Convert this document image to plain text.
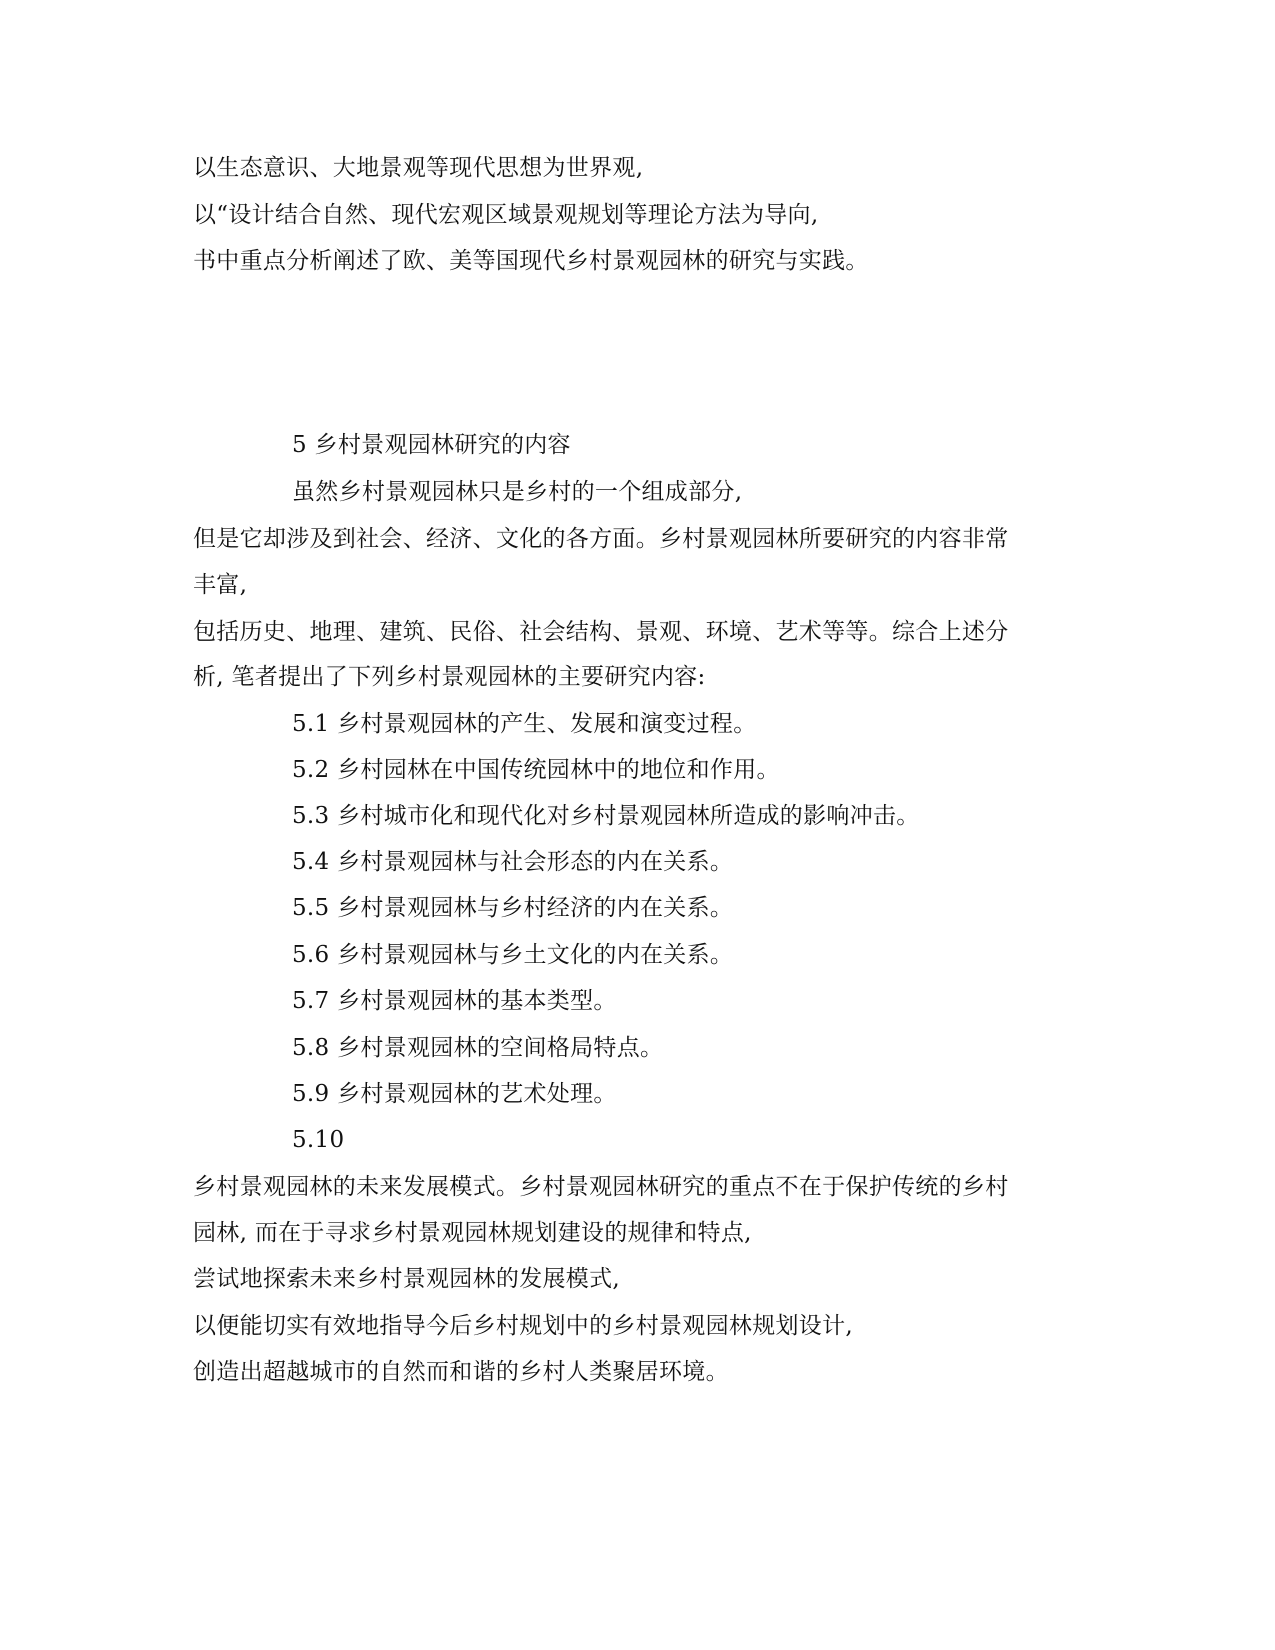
以生态意识、大地景观等现代思想为世界观,
以“设计结合自然、现代宏观区域景观规划等理论方法为导向,
书中重点分析阐述了欧、美等国现代乡村景观园林的研究与实践。
5 乡村景观园林研究的内容
虽然乡村景观园林只是乡村的一个组成部分,
但是它却涉及到社会、经济、文化的各方面。乡村景观园林所要研究的内容非常
丰富,
包括历史、地理、建筑、民俗、社会结构、景观、环境、艺术等等。综合上述分
析, 笔者提出了下列乡村景观园林的主要研究内容:
5.1 乡村景观园林的产生、发展和演变过程。
5.2 乡村园林在中国传统园林中的地位和作用。
5.3 乡村城市化和现代化对乡村景观园林所造成的影响冲击。
5.4 乡村景观园林与社会形态的内在关系。
5.5 乡村景观园林与乡村经济的内在关系。
5.6 乡村景观园林与乡土文化的内在关系。
5.7 乡村景观园林的基本类型。
5.8 乡村景观园林的空间格局特点。
5.9 乡村景观园林的艺术处理。
5.10
乡村景观园林的未来发展模式。乡村景观园林研究的重点不在于保护传统的乡村
园林, 而在于寻求乡村景观园林规划建设的规律和特点,
尝试地探索未来乡村景观园林的发展模式,
以便能切实有效地指导今后乡村规划中的乡村景观园林规划设计,
创造出超越城市的自然而和谐的乡村人类聚居环境。
